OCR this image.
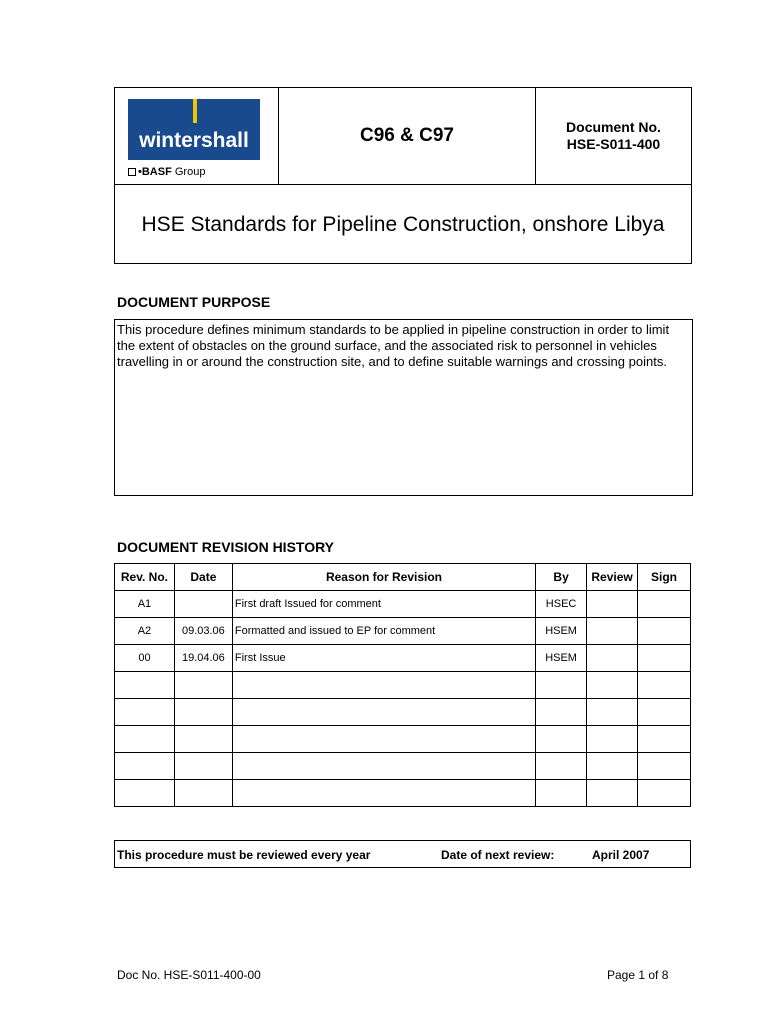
wintershall
•BASF Group
C96 & C97	Document No.
HSE-S011-400
HSE Standards for Pipeline Construction, onshore Libya
DOCUMENT PURPOSE
This procedure defines minimum standards to be applied in pipeline construction in order to limit the extent of obstacles on the ground surface, and the associated risk to personnel in vehicles travelling in or around the construction site, and to define suitable warnings and crossing points.
DOCUMENT REVISION HISTORY
Rev. No.	Date	Reason for Revision	By	Review	Sign
A1		First draft Issued for comment	HSEC		
A2	09.03.06	Formatted and issued to EP for comment	HSEM		
00	19.04.06	First Issue	HSEM		

This procedure must be reviewed every year	Date of next review:	April 2007
Doc No. HSE-S011-400-00	Page 1 of 8
